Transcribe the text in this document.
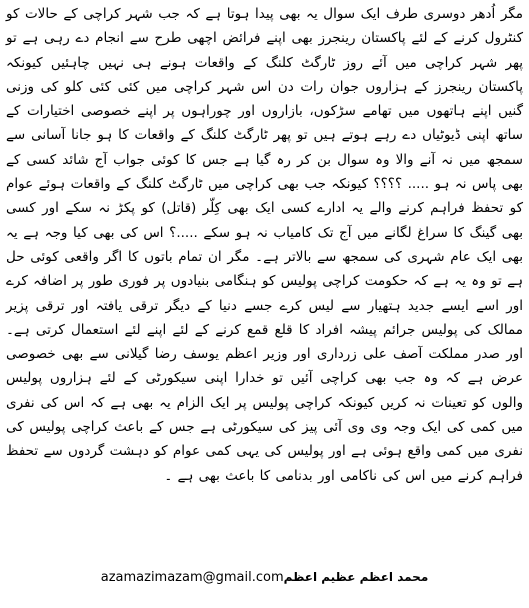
مگر اُدھر دوسری طرف ایک سوال یہ بھی پیدا ہوتا ہے کہ جب شہر کراچی کے حالات کو کنٹرول کرنے کے لئے پاکستان رینجرز بھی اپنے فرائض اچھی طرح سے انجام دے رہی ہے تو پھر شہر کراچی میں آئے روز ٹارگٹ کلنگ کے واقعات ہونے ہی نہیں چاہئیں کیونکہ پاکستان رینجرز کے ہزاروں جوان رات دن اس شہر کراچی میں کئی کئی کلو کی وزنی گنیں اپنے ہاتھوں میں تھامے سڑکوں، بازاروں اور چوراہوں پر اپنے خصوصی اختیارات کے ساتھ اپنی ڈیوٹیاں دے رہے ہوتے ہیں تو پھر ٹارگٹ کلنگ کے واقعات کا ہو جانا آسانی سے سمجھ میں نہ آنے والا وہ سوال بن کر رہ گیا ہے جس کا کوئی جواب آج شائد کسی کے بھی پاس نہ ہو ..... ؟؟؟؟ کیونکہ جب بھی کراچی میں ٹارگٹ کلنگ کے واقعات ہوئے عوام کو تحفظ فراہم کرنے والے یہ ادارے کسی ایک بھی کِلّر (قاتل) کو پکڑ نہ سکے اور کسی بھی گینگ کا سراغ لگانے میں آج تک کامیاب نہ ہو سکے .....؟ اس کی بھی کیا وجہ ہے یہ بھی ایک عام شہری کی سمجھ سے بالاتر ہے۔ مگر ان تمام باتوں کا اگر واقعی کوئی حل ہے تو وہ یہ ہے کہ حکومت کراچی پولیس کو ہنگامی بنیادوں پر فوری طور پر اضافہ کرے اور اسے ایسے جدید ہتھیار سے لیس کرے جسے دنیا کے دیگر ترقی یافتہ اور ترقی پزیر ممالک کی پولیس جرائم پیشہ افراد کا قلع قمع کرنے کے لئے اپنے لئے استعمال کرتی ہے۔ اور صدر مملکت آصف علی زرداری اور وزیر اعظم یوسف رضا گیلانی سے بھی خصوصی عرض ہے کہ وہ جب بھی کراچی آئیں تو خدارا اپنی سیکورٹی کے لئے ہزاروں پولیس والوں کو تعینات نہ کریں کیونکہ کراچی پولیس پر ایک الزام یہ بھی ہے کہ اس کی نفری میں کمی کی ایک وجہ وی وی آئی پیز کی سیکورٹی ہے جس کے باعث کراچی پولیس کی نفری میں کمی واقع ہوئی ہے اور پولیس کی یہی کمی عوام کو دہشت گردوں سے تحفظ فراہم کرنے میں اس کی ناکامی اور بدنامی کا باعث بھی ہے ۔

azamazimazam@gmail.comمحمد اعظم عظیم اعظم
